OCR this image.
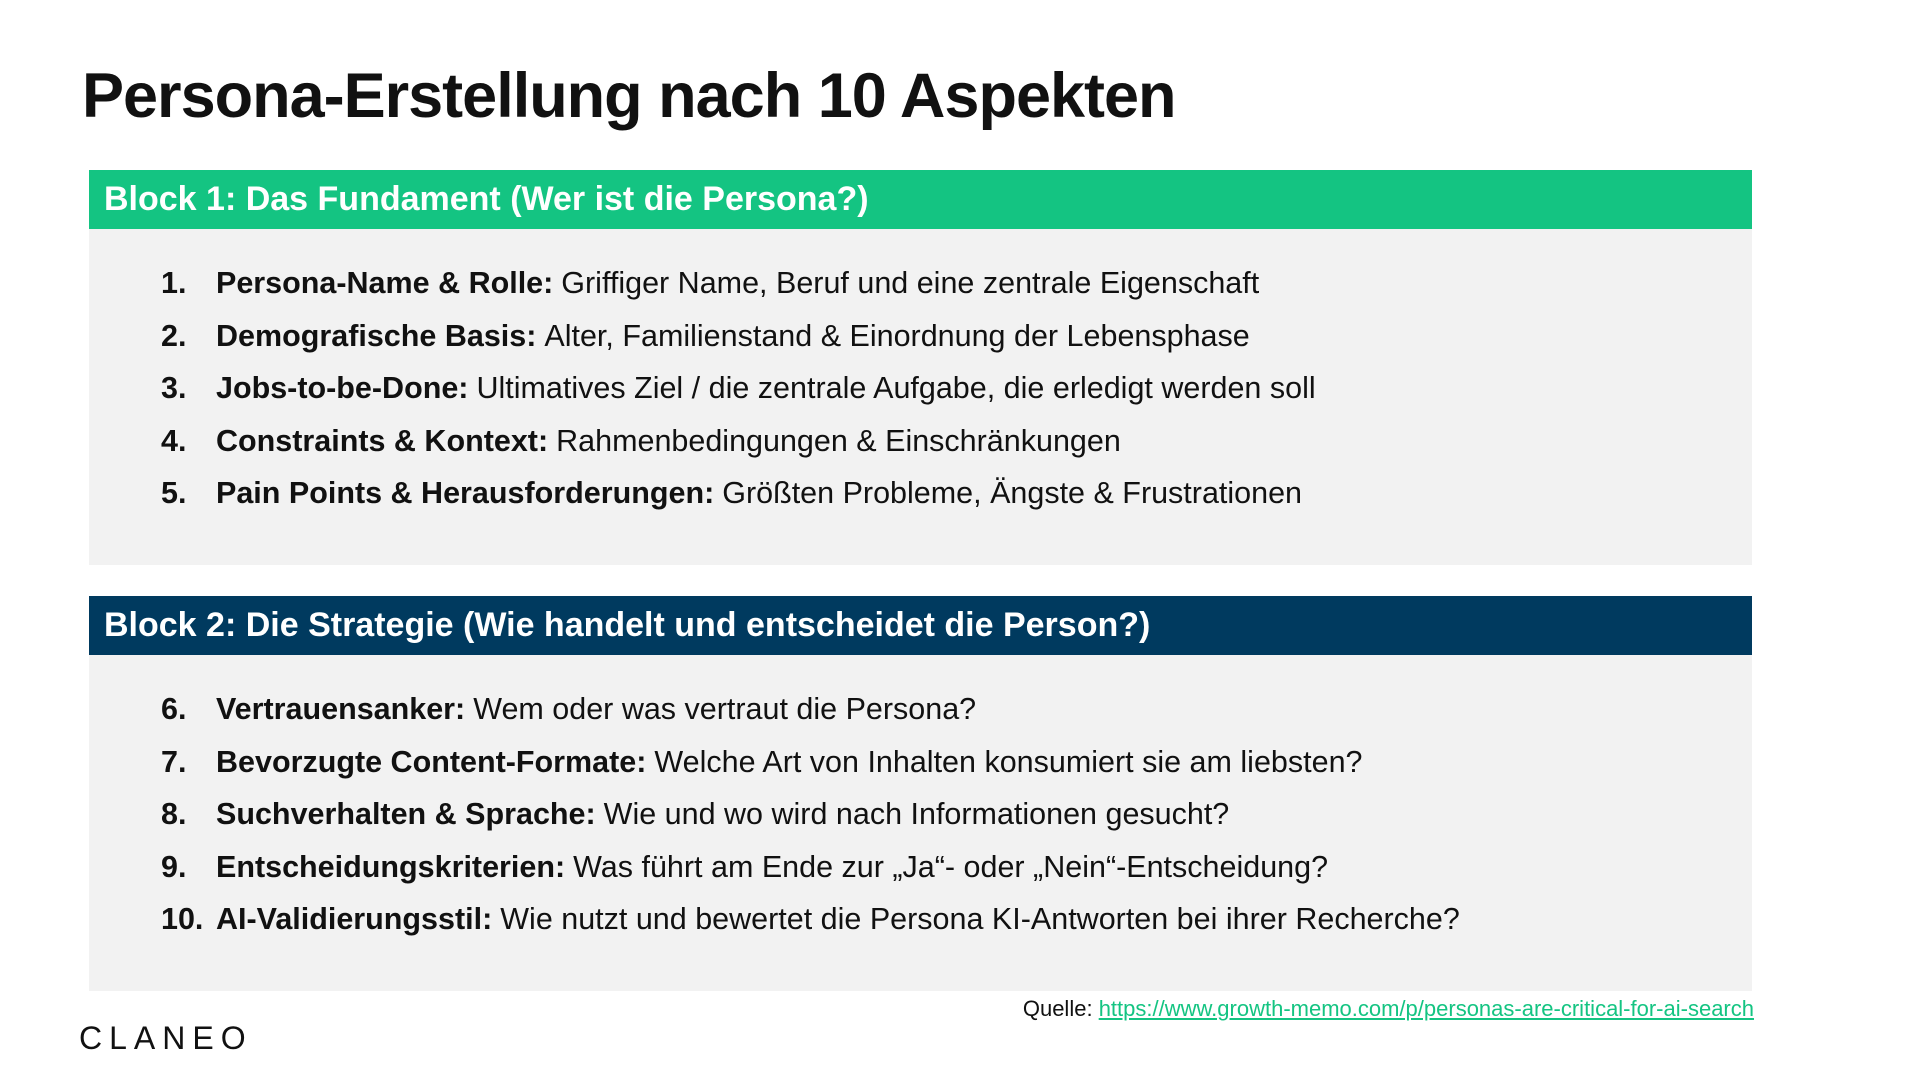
Persona-Erstellung nach 10 Aspekten
Block 1: Das Fundament (Wer ist die Persona?)
1. Persona-Name & Rolle: Griffiger Name, Beruf und eine zentrale Eigenschaft
2. Demografische Basis: Alter, Familienstand & Einordnung der Lebensphase
3. Jobs-to-be-Done: Ultimatives Ziel / die zentrale Aufgabe, die erledigt werden soll
4. Constraints & Kontext: Rahmenbedingungen & Einschränkungen
5. Pain Points & Herausforderungen: Größten Probleme, Ängste & Frustrationen
Block 2: Die Strategie (Wie handelt und entscheidet die Person?)
6. Vertrauensanker: Wem oder was vertraut die Persona?
7. Bevorzugte Content-Formate: Welche Art von Inhalten konsumiert sie am liebsten?
8. Suchverhalten & Sprache: Wie und wo wird nach Informationen gesucht?
9. Entscheidungskriterien: Was führt am Ende zur „Ja“- oder „Nein“-Entscheidung?
10. AI-Validierungsstil: Wie nutzt und bewertet die Persona KI-Antworten bei ihrer Recherche?
Quelle: https://www.growth-memo.com/p/personas-are-critical-for-ai-search
CLANEO
